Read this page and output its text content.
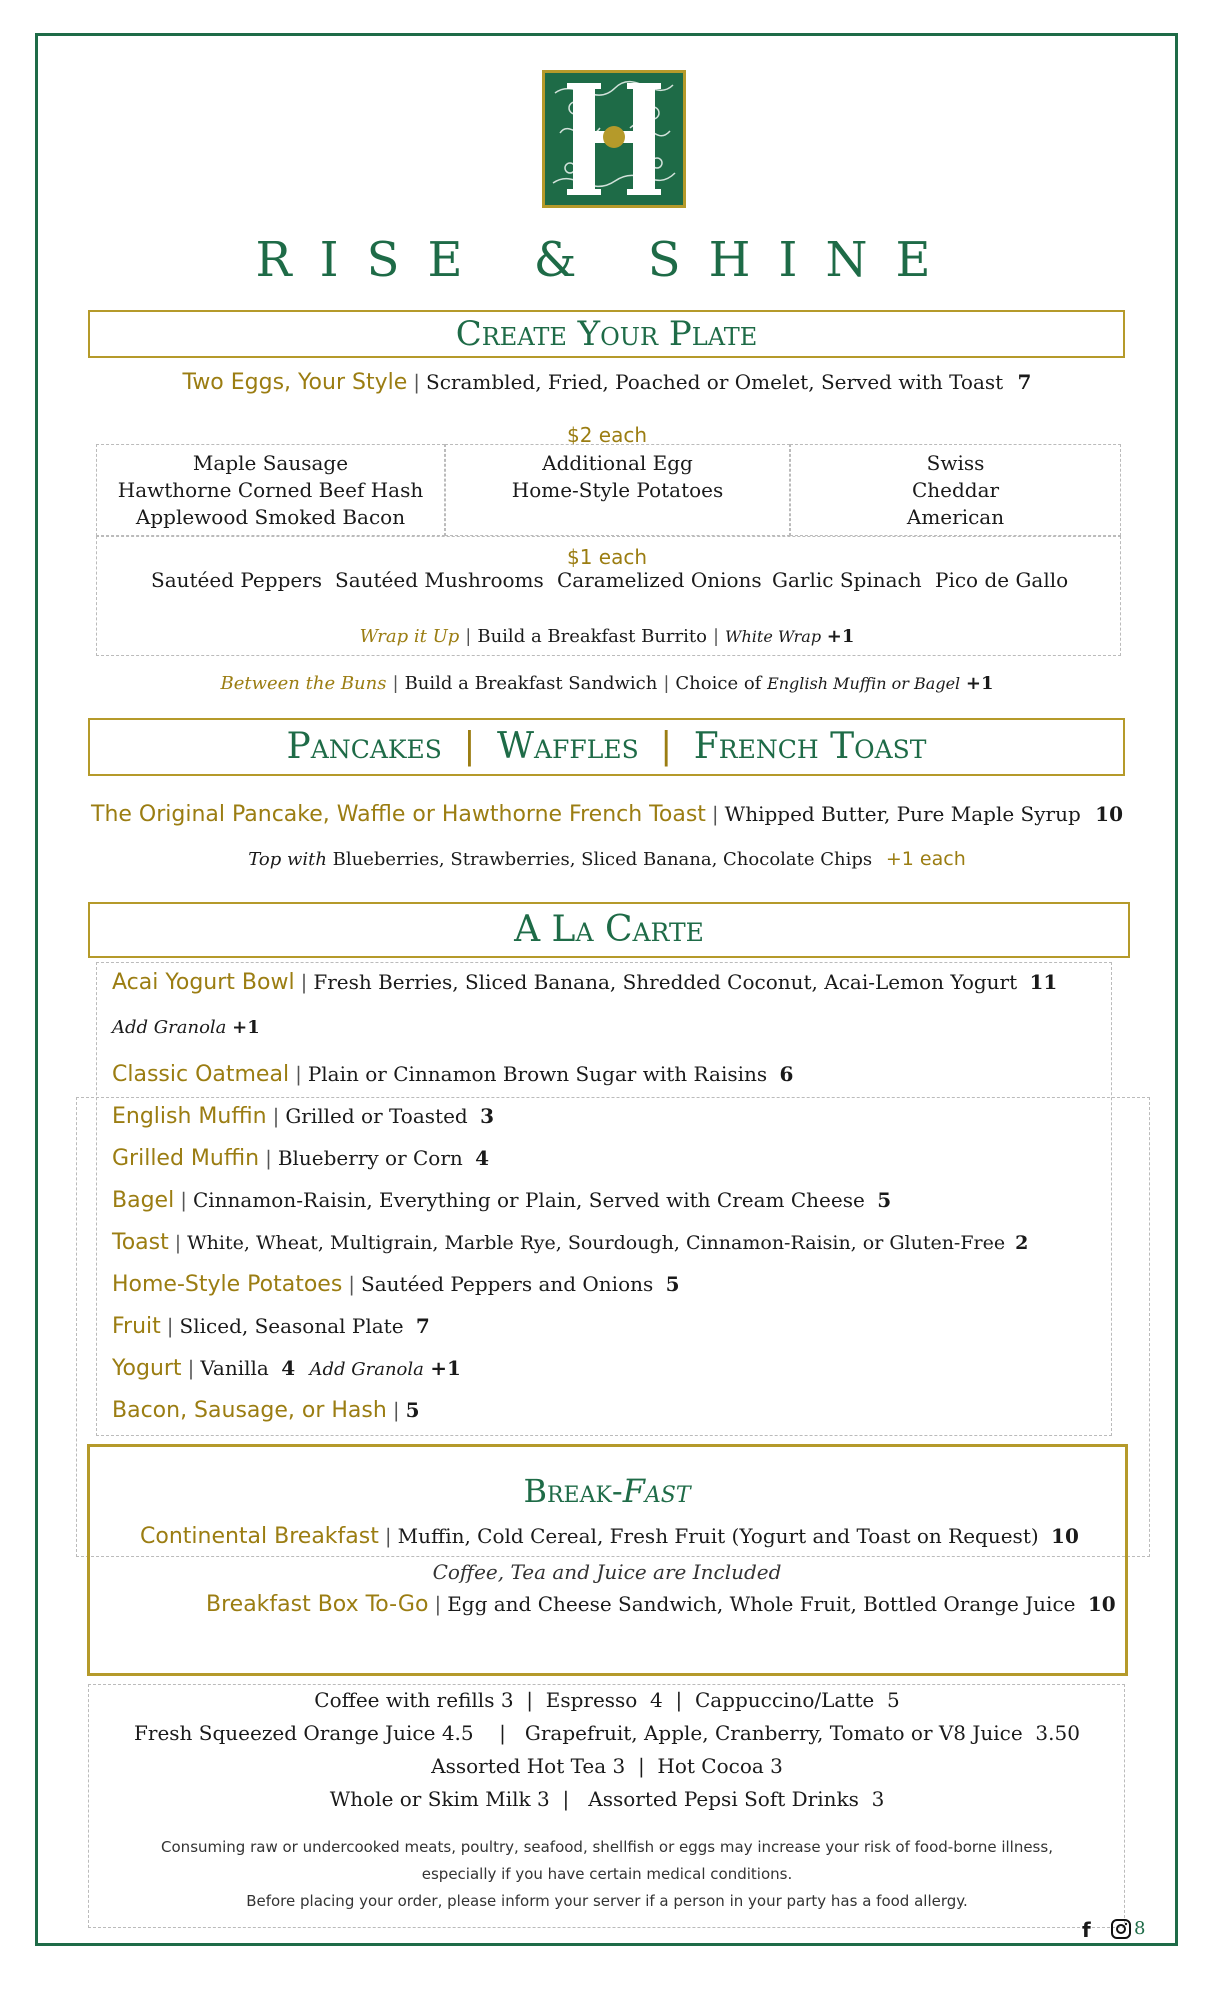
RISE & SHINE
Create Your Plate
Two Eggs, Your Style | Scrambled, Fried, Poached or Omelet, Served with Toast 7
$2 each
Maple Sausage
Hawthorne Corned Beef Hash
Applewood Smoked Bacon
Additional Egg
Home-Style Potatoes
Swiss
Cheddar
American
$1 each
Sautéed Peppers Sautéed Mushrooms Caramelized Onions Garlic Spinach Pico de Gallo
Wrap it Up | Build a Breakfast Burrito | White Wrap +1
Between the Buns | Build a Breakfast Sandwich | Choice of English Muffin or Bagel +1
Pancakes | Waffles | French Toast
The Original Pancake, Waffle or Hawthorne French Toast | Whipped Butter, Pure Maple Syrup 10
Top with Blueberries, Strawberries, Sliced Banana, Chocolate Chips +1 each
A La Carte
Acai Yogurt Bowl | Fresh Berries, Sliced Banana, Shredded Coconut, Acai-Lemon Yogurt 11
Add Granola +1
Classic Oatmeal | Plain or Cinnamon Brown Sugar with Raisins 6
English Muffin | Grilled or Toasted 3
Grilled Muffin | Blueberry or Corn 4
Bagel | Cinnamon-Raisin, Everything or Plain, Served with Cream Cheese 5
Toast | White, Wheat, Multigrain, Marble Rye, Sourdough, Cinnamon-Raisin, or Gluten-Free 2
Home-Style Potatoes | Sautéed Peppers and Onions 5
Fruit | Sliced, Seasonal Plate 7
Yogurt | Vanilla 4 Add Granola +1
Bacon, Sausage, or Hash | 5
Break-Fast
Continental Breakfast | Muffin, Cold Cereal, Fresh Fruit (Yogurt and Toast on Request) 10
Coffee, Tea and Juice are Included
Breakfast Box To-Go | Egg and Cheese Sandwich, Whole Fruit, Bottled Orange Juice 10
Coffee with refills 3  |  Espresso  4  |  Cappuccino/Latte  5
Fresh Squeezed Orange Juice 4.5    |   Grapefruit, Apple, Cranberry, Tomato or V8 Juice  3.50
Assorted Hot Tea 3  |  Hot Cocoa 3
Whole or Skim Milk 3  |   Assorted Pepsi Soft Drinks  3
Consuming raw or undercooked meats, poultry, seafood, shellfish or eggs may increase your risk of food-borne illness,
especially if you have certain medical conditions.
Before placing your order, please inform your server if a person in your party has a food allergy.
f 8
